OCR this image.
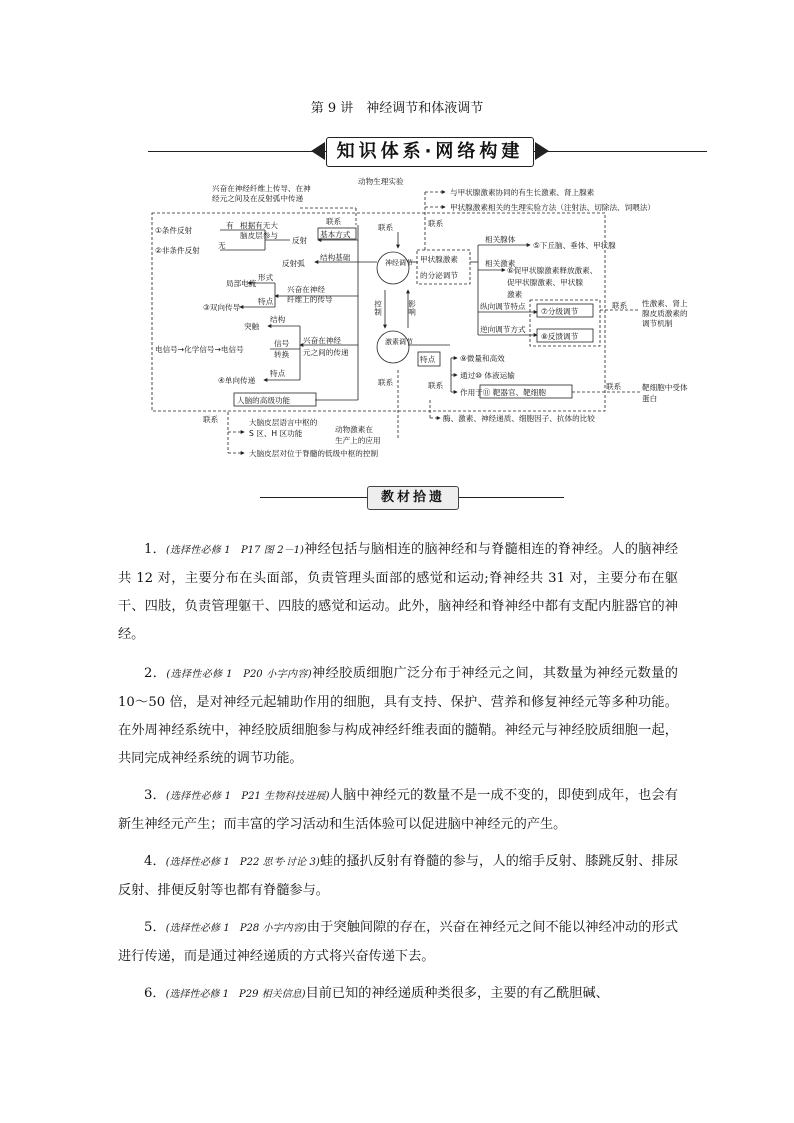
第 9 讲　神经调节和体液调节
知识体系·网络构建
兴奋在神经纤维上传导、在神
经元之间及在反射弧中传递
动物生理实验
与甲状腺激素协同的有生长激素、肾上腺素
甲状腺激素相关的生理实验方法（注射法、切除法、饲喂法）
①条件反射
②非条件反射
有
无
根据有无大
脑皮层参与
反射
联系
基本方式
结构基础
反射弧	神经调节
局部电流
形式
兴奋在神经
纤维上的传导
③双向传导
特点
突触
结构
兴奋在神经
元之间的传递
电信号→化学信号→电信号
信号
转换
④单向传递
特点
人脑的高级功能
控制	影响
激素调节
甲状腺激素
的分泌调节
相关腺体
⑤下丘脑、垂体、甲状腺
相关激素
⑥促甲状腺激素释放激素、
促甲状腺激素、甲状腺
激素
纵向调节特点
⑦分级调节
逆向调节方式
⑧反馈调节
性激素、肾上
腺皮质激素的
调节机制
特点	⑨微量和高效
通过⑩ 体液运输
作用于⑪ 靶器官、靶细胞
靶细胞中受体
蛋白
酶、激素、神经递质、细胞因子、抗体的比较
大脑皮层语言中枢的
S 区、H 区功能	动物激素在
生产上的应用
大脑皮层对位于脊髓的低级中枢的控制
联系	联系
联系	联系
联系
联系
联系
教材拾遗
1．(选择性必修 1　P17 图 2－1)神经包括与脑相连的脑神经和与脊髓相连的脊神经。人的脑神经共 12 对，主要分布在头面部，负责管理头面部的感觉和运动;脊神经共 31 对，主要分布在躯干、四肢，负责管理躯干、四肢的感觉和运动。此外，脑神经和脊神经中都有支配内脏器官的神经。
2．(选择性必修 1　P20 小字内容)神经胶质细胞广泛分布于神经元之间，其数量为神经元数量的 10～50 倍，是对神经元起辅助作用的细胞，具有支持、保护、营养和修复神经元等多种功能。在外周神经系统中，神经胶质细胞参与构成神经纤维表面的髓鞘。神经元与神经胶质细胞一起，共同完成神经系统的调节功能。
3．(选择性必修 1　P21 生物科技进展)人脑中神经元的数量不是一成不变的，即使到成年，也会有新生神经元产生；而丰富的学习活动和生活体验可以促进脑中神经元的产生。
4．(选择性必修 1　P22 思考·讨论 3)蛙的搔扒反射有脊髓的参与，人的缩手反射、膝跳反射、排尿反射、排便反射等也都有脊髓参与。
5．(选择性必修 1　P28 小字内容)由于突触间隙的存在，兴奋在神经元之间不能以神经冲动的形式进行传递，而是通过神经递质的方式将兴奋传递下去。
6．(选择性必修 1　P29 相关信息)目前已知的神经递质种类很多，主要的有乙酰胆碱、
